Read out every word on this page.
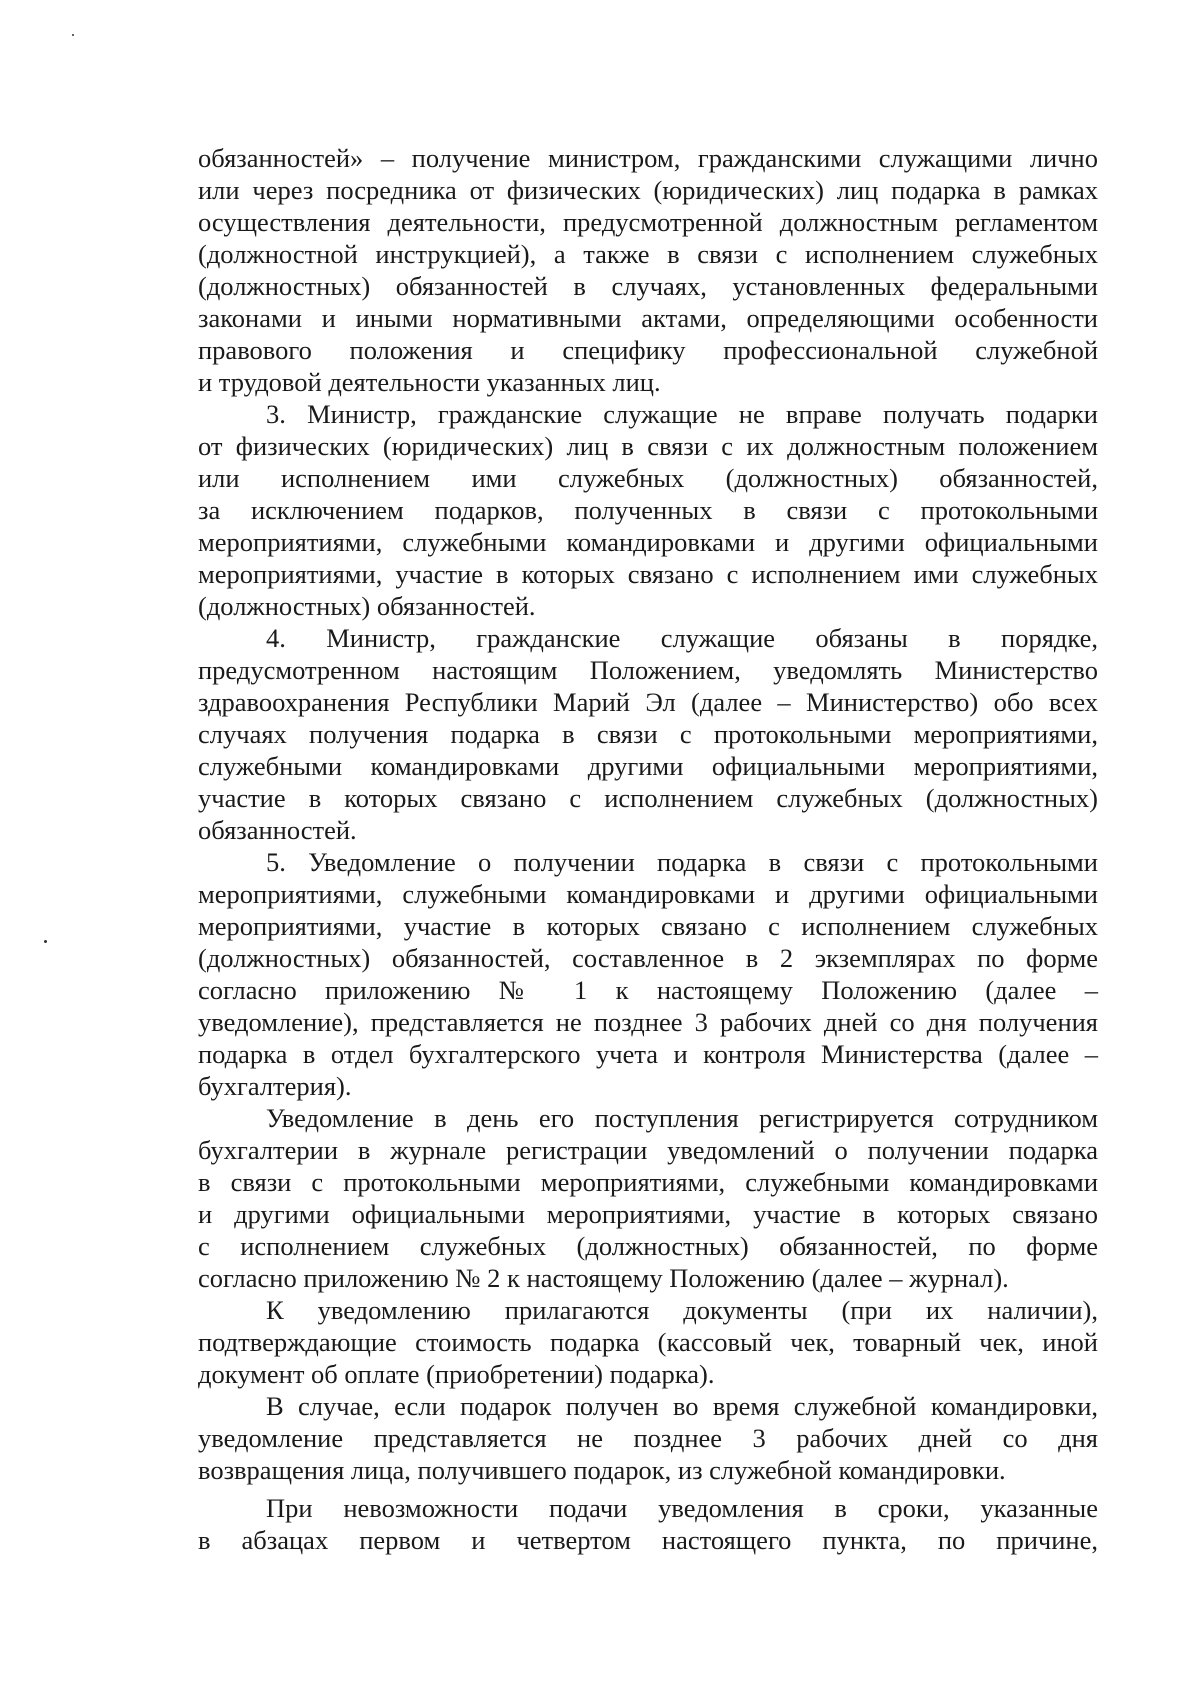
обязанностей» – получение министром, гражданскими служащими лично
или через посредника от физических (юридических) лиц подарка в рамках
осуществления деятельности, предусмотренной должностным регламентом
(должностной инструкцией), а также в связи с исполнением служебных
(должностных) обязанностей в случаях, установленных федеральными
законами и иными нормативными актами, определяющими особенности
правового положения и специфику профессиональной служебной
и трудовой деятельности указанных лиц.
3. Министр, гражданские служащие не вправе получать подарки
от физических (юридических) лиц в связи с их должностным положением
или исполнением ими служебных (должностных) обязанностей,
за исключением подарков, полученных в связи с протокольными
мероприятиями, служебными командировками и другими официальными
мероприятиями, участие в которых связано с исполнением ими служебных
(должностных) обязанностей.
4. Министр, гражданские служащие обязаны в порядке,
предусмотренном настоящим Положением, уведомлять Министерство
здравоохранения Республики Марий Эл (далее – Министерство) обо всех
случаях получения подарка в связи с протокольными мероприятиями,
служебными командировками другими официальными мероприятиями,
участие в которых связано с исполнением служебных (должностных)
обязанностей.
5. Уведомление о получении подарка в связи с протокольными
мероприятиями, служебными командировками и другими официальными
мероприятиями, участие в которых связано с исполнением служебных
(должностных) обязанностей, составленное в 2 экземплярах по форме
согласно приложению № 1 к настоящему Положению (далее –
уведомление), представляется не позднее 3 рабочих дней со дня получения
подарка в отдел бухгалтерского учета и контроля Министерства (далее –
бухгалтерия).
Уведомление в день его поступления регистрируется сотрудником
бухгалтерии в журнале регистрации уведомлений о получении подарка
в связи с протокольными мероприятиями, служебными командировками
и другими официальными мероприятиями, участие в которых связано
с исполнением служебных (должностных) обязанностей, по форме
согласно приложению № 2 к настоящему Положению (далее – журнал).
К уведомлению прилагаются документы (при их наличии),
подтверждающие стоимость подарка (кассовый чек, товарный чек, иной
документ об оплате (приобретении) подарка).
В случае, если подарок получен во время служебной командировки,
уведомление представляется не позднее 3 рабочих дней со дня
возвращения лица, получившего подарок, из служебной командировки.
При невозможности подачи уведомления в сроки, указанные
в абзацах первом и четвертом настоящего пункта, по причине,
